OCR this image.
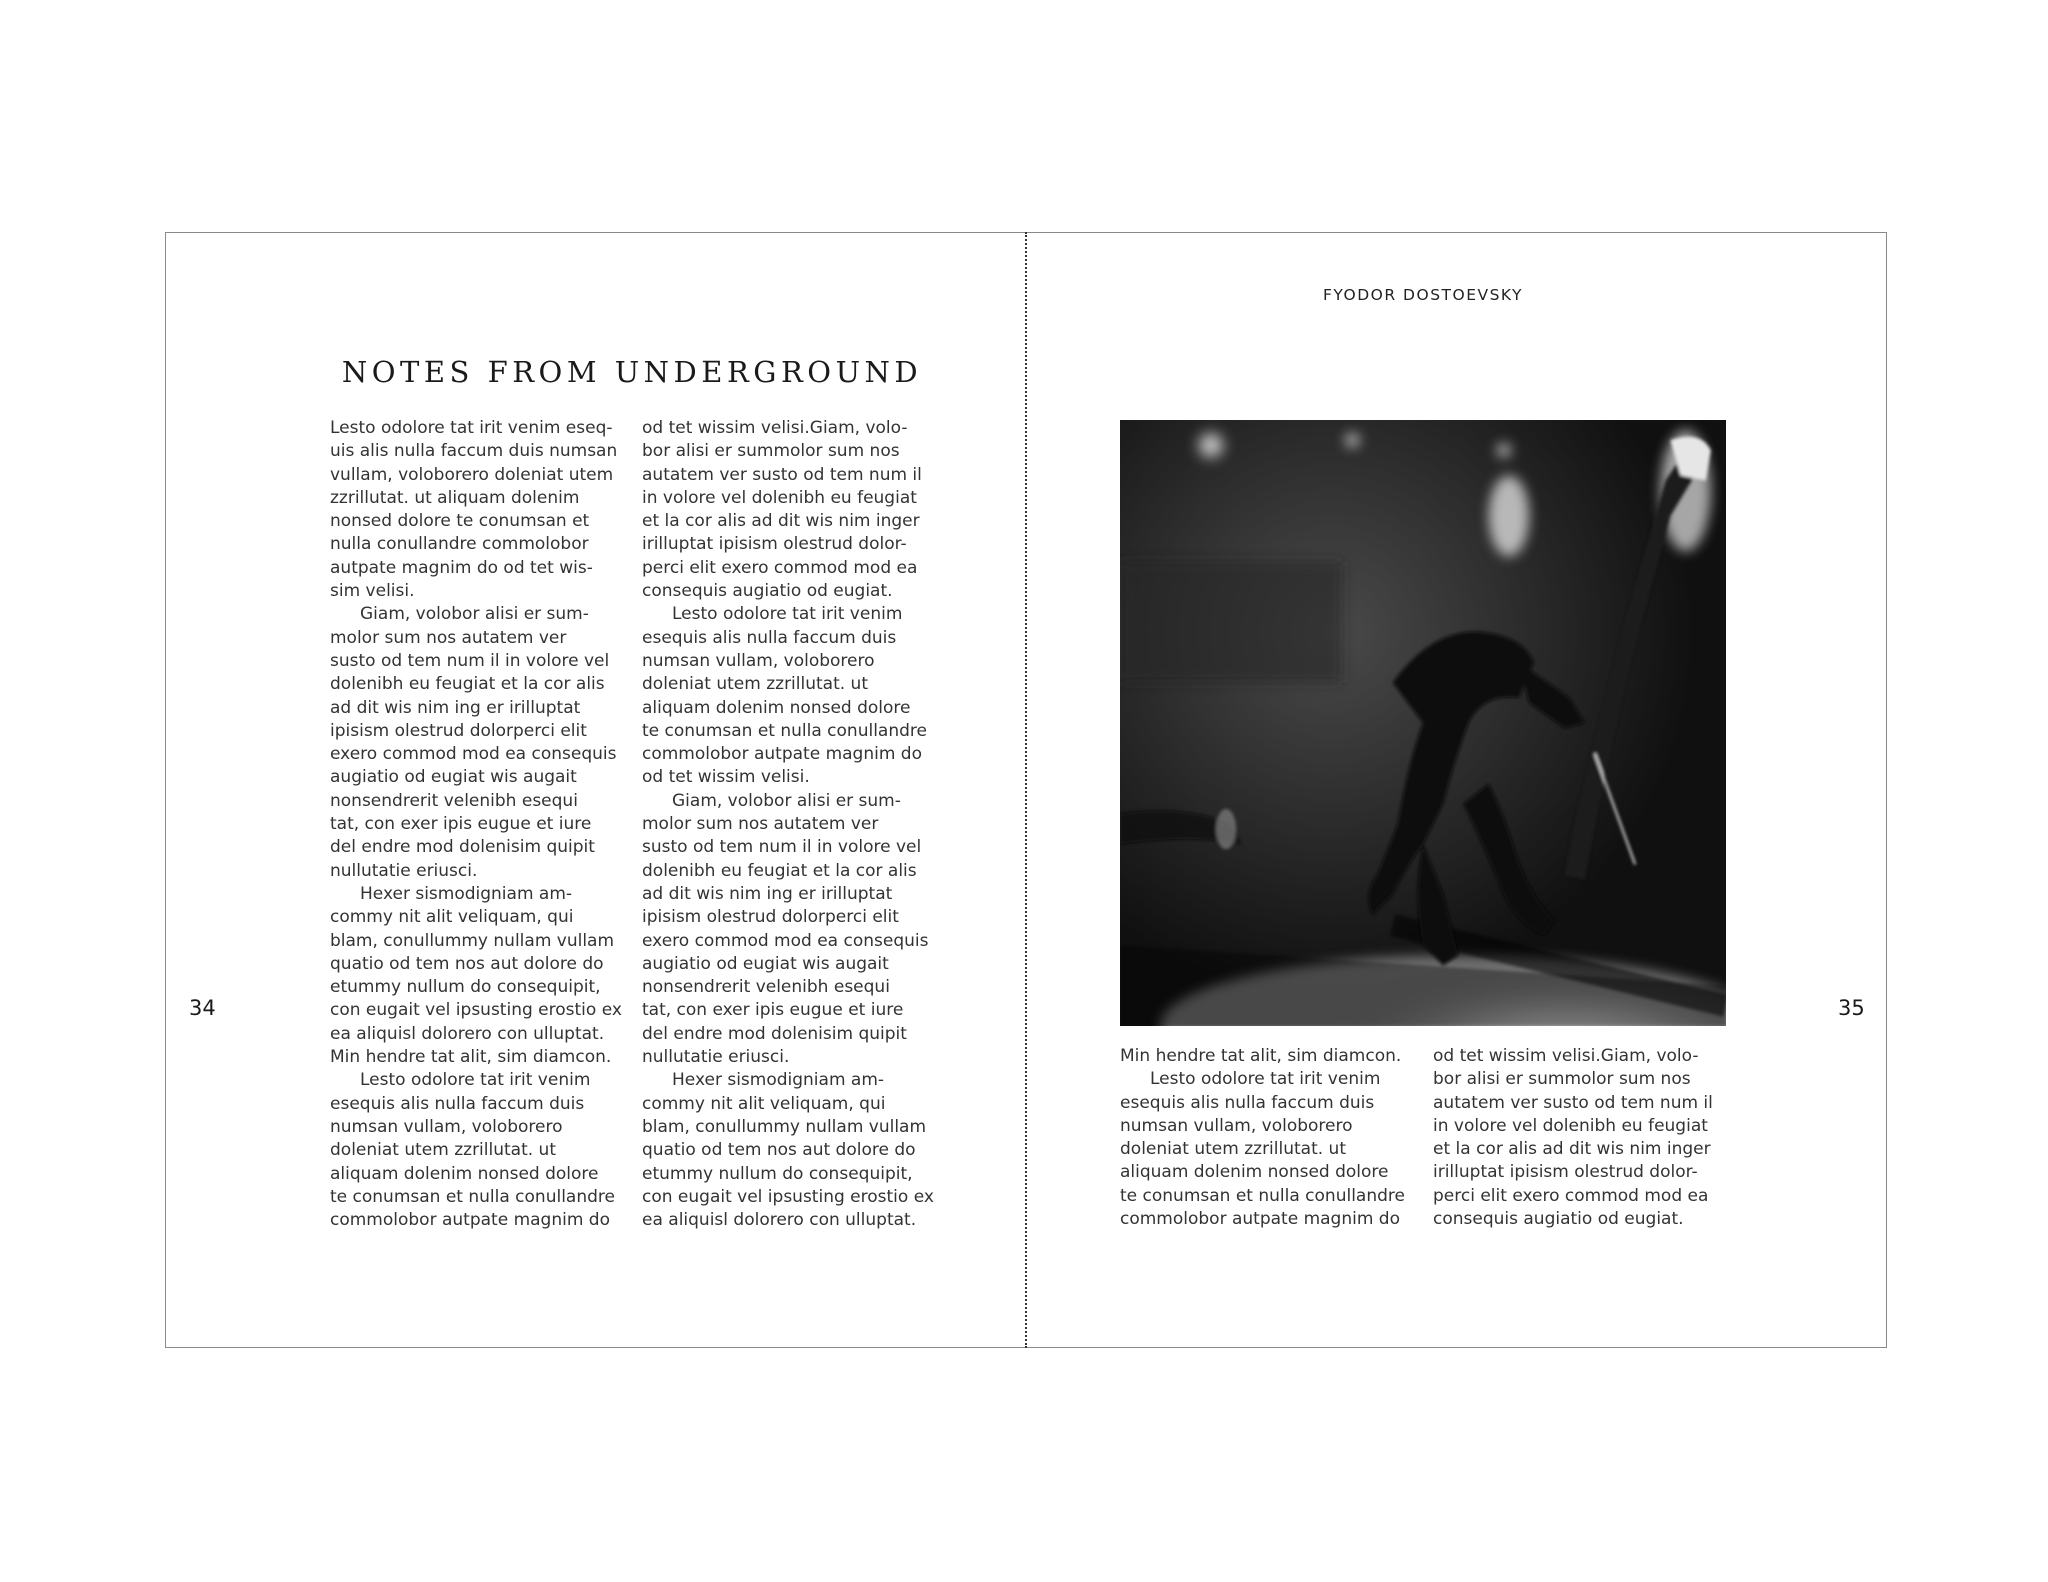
NOTES FROM UNDERGROUND
FYODOR DOSTOEVSKY

Lesto odolore tat irit venim eseq-

uis alis nulla faccum duis numsan

vullam, voloborero doleniat utem

zzrillutat. ut aliquam dolenim

nonsed dolore te conumsan et

nulla conullandre commolobor

autpate magnim do od tet wis-

sim velisi.

Giam, volobor alisi er sum-

molor sum nos autatem ver

susto od tem num il in volore vel

dolenibh eu feugiat et la cor alis

ad dit wis nim ing er irilluptat

ipisism olestrud dolorperci elit

exero commod mod ea consequis

augiatio od eugiat wis augait

nonsendrerit velenibh esequi

tat, con exer ipis eugue et iure

del endre mod dolenisim quipit

nullutatie eriusci.

Hexer sismodigniam am-

commy nit alit veliquam, qui

blam, conullummy nullam vullam

quatio od tem nos aut dolore do

etummy nullum do consequipit,

con eugait vel ipsusting erostio ex

ea aliquisl dolorero con ulluptat.

Min hendre tat alit, sim diamcon.

Lesto odolore tat irit venim

esequis alis nulla faccum duis

numsan vullam, voloborero

doleniat utem zzrillutat. ut

aliquam dolenim nonsed dolore

te conumsan et nulla conullandre

commolobor autpate magnim do

od tet wissim velisi.Giam, volo-

bor alisi er summolor sum nos

autatem ver susto od tem num il

in volore vel dolenibh eu feugiat

et la cor alis ad dit wis nim inger

irilluptat ipisism olestrud dolor-

perci elit exero commod mod ea

consequis augiatio od eugiat.

Lesto odolore tat irit venim

esequis alis nulla faccum duis

numsan vullam, voloborero

doleniat utem zzrillutat. ut

aliquam dolenim nonsed dolore

te conumsan et nulla conullandre

commolobor autpate magnim do

od tet wissim velisi.

Giam, volobor alisi er sum-

molor sum nos autatem ver

susto od tem num il in volore vel

dolenibh eu feugiat et la cor alis

ad dit wis nim ing er irilluptat

ipisism olestrud dolorperci elit

exero commod mod ea consequis

augiatio od eugiat wis augait

nonsendrerit velenibh esequi

tat, con exer ipis eugue et iure

del endre mod dolenisim quipit

nullutatie eriusci.

Hexer sismodigniam am-

commy nit alit veliquam, qui

blam, conullummy nullam vullam

quatio od tem nos aut dolore do

etummy nullum do consequipit,

con eugait vel ipsusting erostio ex

ea aliquisl dolorero con ulluptat.

Min hendre tat alit, sim diamcon.

Lesto odolore tat irit venim

esequis alis nulla faccum duis

numsan vullam, voloborero

doleniat utem zzrillutat. ut

aliquam dolenim nonsed dolore

te conumsan et nulla conullandre

commolobor autpate magnim do

od tet wissim velisi.Giam, volo-

bor alisi er summolor sum nos

autatem ver susto od tem num il

in volore vel dolenibh eu feugiat

et la cor alis ad dit wis nim inger

irilluptat ipisism olestrud dolor-

perci elit exero commod mod ea

consequis augiatio od eugiat.

34	35
